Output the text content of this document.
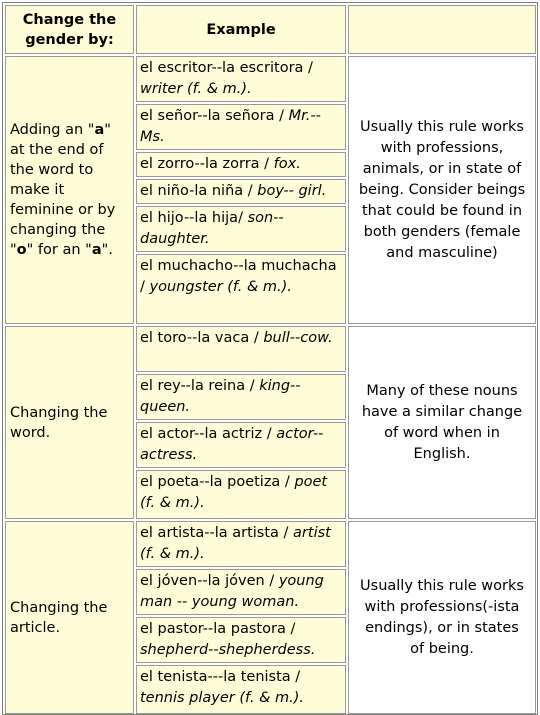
Change the gender by:
Example
Adding an "a" at the end of the word to make it feminine or by changing the "o" for an "a".
el escritor--la escritora / writer (f. & m.).
el señor--la señora / Mr.--Ms.
el zorro--la zorra / fox.
el niño-la niña / boy-- girl.
el hijo--la hija/ son--daughter.
el muchacho--la muchacha / youngster (f. & m.).
Usually this rule works with professions, animals, or in state of being. Consider beings that could be found in both genders (female and masculine)
Changing the word.
el toro--la vaca / bull--cow.
el rey--la reina / king--queen.
el actor--la actriz / actor-- actress.
el poeta--la poetiza / poet (f. & m.).
Many of these nouns have a similar change of word when in English.
Changing the article.
el artista--la artista / artist (f. & m.).
el jóven--la jóven / young man -- young woman.
el pastor--la pastora / shepherd--shepherdess.
el tenista---la tenista / tennis player (f. & m.).
Usually this rule works with professions(-ista endings), or in states of being.
